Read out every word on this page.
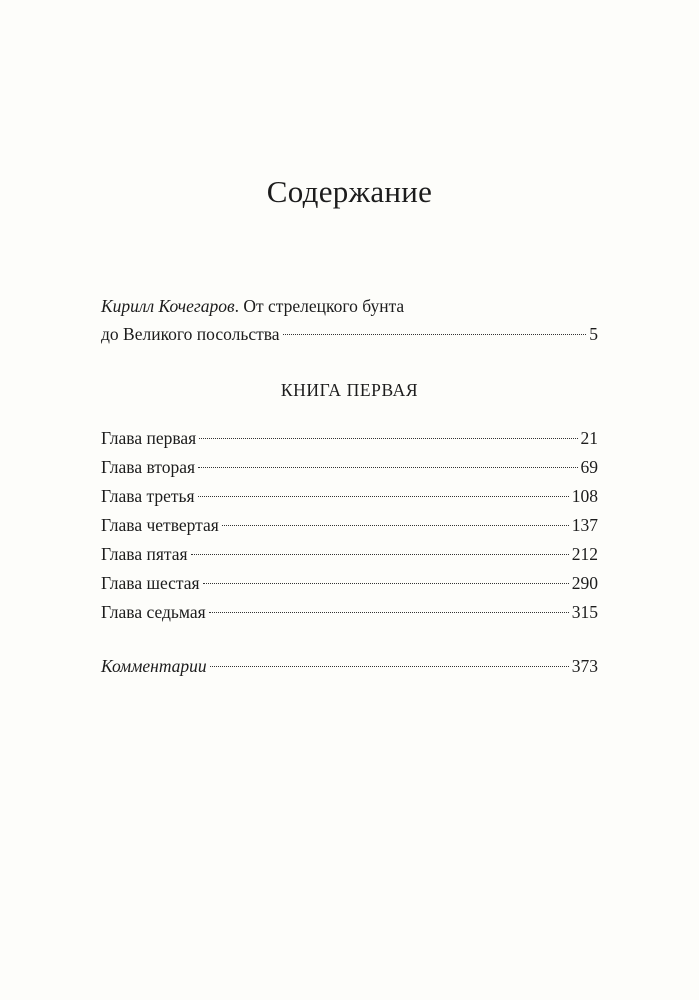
Содержание
Кирилл Кочегаров. От стрелецкого бунта
до Великого посольства	5
КНИГА ПЕРВАЯ
Глава первая	21
Глава вторая	69
Глава третья	108
Глава четвертая	137
Глава пятая	212
Глава шестая	290
Глава седьмая	315
Комментарии	373
